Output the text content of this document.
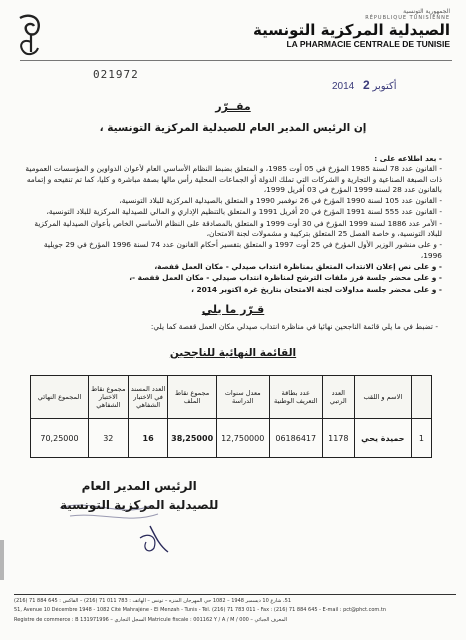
الجمهورية التونسية
RÉPUBLIQUE TUNISIENNE
الصيدلية المركزية التونسية
LA PHARMACIE CENTRALE DE TUNISIE
021972
2014 أكتوبر 2
مقــرّر
إن الرئيس المدير العام للصيدلية المركزية التونسية ،

- بعد اطلاعه على :

- القانون عدد 78 لسنة 1985 المؤرخ في 05 أوت 1985، و المتعلق بضبط النظام الأساسي العام لأعوان الدواوين و المؤسسات العمومية ذات الصبغة الصناعية و التجارية و الشركات التي تملك الدولة أو الجماعات المحلية رأس مالها بصفة مباشرة و كليا، كما تم تنقيحه و إتمامه بالقانون عدد 28 لسنة 1999 المؤرخ في 03 أفريل 1999،

- القانون عدد 105 لسنة 1990 المؤرخ في 26 نوفمبر 1990 و المتعلق بالصيدلية المركزية للبلاد التونسية،

- القانون عدد 555 لسنة 1991 المؤرخ في 20 أفريل 1991 و المتعلق بالتنظيم الإداري و المالي للصيدلية المركزية للبلاد التونسية،

- الأمر عدد 1886 لسنة 1999 المؤرخ في 30 أوت 1999 و المتعلق بالمصادقة على النظام الأساسي الخاص بأعوان الصيدلية المركزية للبلاد التونسية، و خاصة الفصل 25 المتعلق بتركيبة و مشمولات لجنة الامتحان،

- و على منشور الوزير الأول المؤرخ في 25 أوت 1997 و المتعلق بتفسير أحكام القانون عدد 74 لسنة 1996 المؤرخ في 29 جويلية 1996،

- و على نص إعلان الانتداب المتعلق بمناظرة انتداب صيدلي - مكان العمل قفصة،

- و على محضر جلسة فرز ملفات الترشح لمناظرة انتداب صيدلي - مكان العمل قفصة -،

- و على محضر جلسة مداولات لجنة الامتحان بتاريخ غرة اكتوبر 2014 ،

قـرّر ما يلي
- تضبط في ما يلي قائمة الناجحين نهائيا في مناظرة انتداب صيدلي مكان العمل قفصة كما يلي:
القائمة النهائية للناجحين
	الاسم و اللقب	العدد الرتبي	عدد بطاقة التعريف الوطنية	معدل سنوات الدراسة	مجموع نقاط الملف	العدد المسند في الاختبار الشفاهي	مجموع نقاط الاختبار الشفاهي	المجموع النهائي
1	حميدة يحي	1178	06186417	12,750000	38,25000	16	32	70,25000
الرئيس المدير العام
للصيدلية المركزية التونسية
51، شارع 10 ديسمبر 1948 – 1082 حي المهرجان المنزه – تونس – الهاتف : 783 011 71 (216) – الفاكس : 645 884 71 (216)
51, Avenue 10 Décembre 1948 - 1082 Cité Mahrajène - El Menzah - Tunis - Tél. (216) 71 783 011 - Fax : (216) 71 884 645 - E-mail : pct@phct.com.tn
Registre de commerce : B 131971996 – السجل التجاري Matricule fiscale : 001162 Y / A / M / 000 – المعرف الجبائي
